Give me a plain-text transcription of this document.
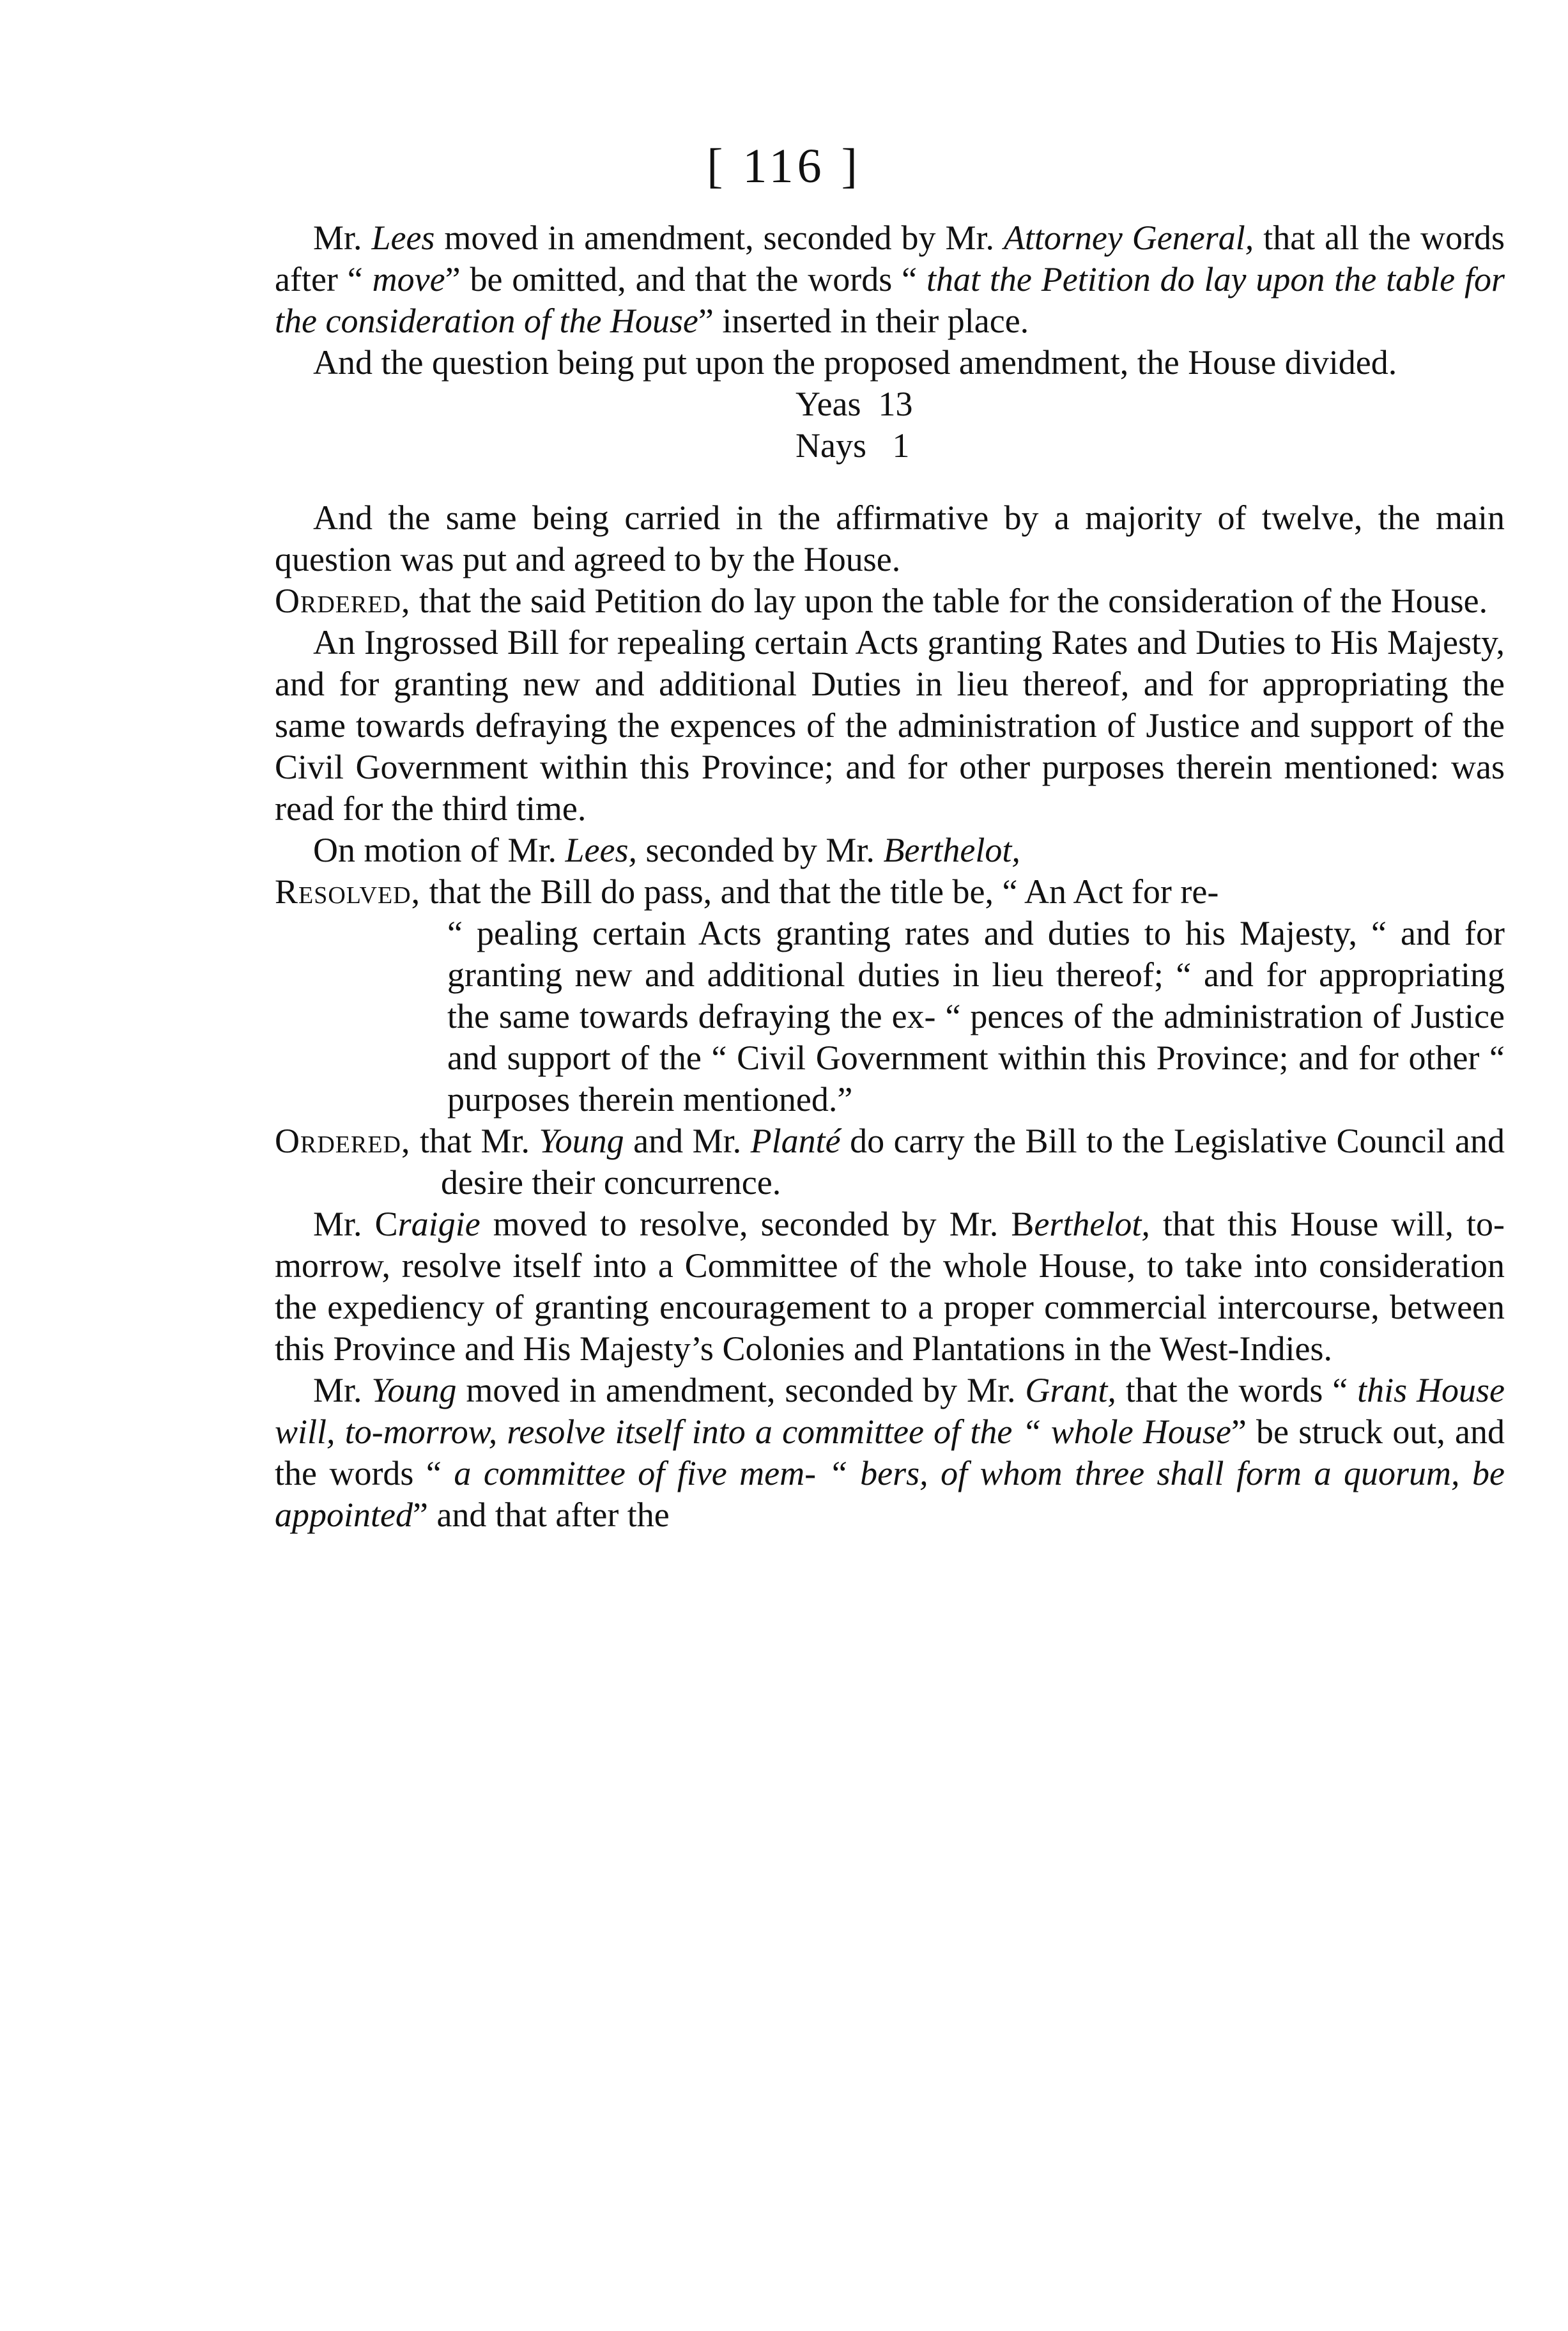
[ 116 ]

Mr. Lees moved in amendment, seconded by Mr. Attorney General, that all the words after “ move” be omitted, and that the words “ that the Petition do lay upon the table for the consideration of the House” inserted in their place.

And the question being put upon the proposed amendment, the House divided.

Yeas  13

Nays   1

And the same being carried in the affirmative by a majority of twelve, the main question was put and agreed to by the House.

Ordered, that the said Petition do lay upon the table for the consideration of the House.

An Ingrossed Bill for repealing certain Acts granting Rates and Duties to His Majesty, and for granting new and additional Duties in lieu thereof, and for appropriating the same towards defraying the expences of the administration of Justice and support of the Civil Government within this Province; and for other purposes therein mentioned: was read for the third time.

On motion of Mr. Lees, seconded by Mr. Berthelot,

Resolved, that the Bill do pass, and that the title be, “ An Act for re-

“ pealing certain Acts granting rates and duties to his Majesty, “ and for granting new and additional duties in lieu thereof; “ and for appropriating the same towards defraying the ex- “ pences of the administration of Justice and support of the “ Civil Government within this Province; and for other “ purposes therein mentioned.”

Ordered, that Mr. Young and Mr. Planté do carry the Bill to the Legislative Council and desire their concurrence.

Mr. Craigie moved to resolve, seconded by Mr. Berthelot, that this House will, to-morrow, resolve itself into a Committee of the whole House, to take into consideration the expediency of granting encouragement to a proper commercial intercourse, between this Province and His Majesty’s Colonies and Plantations in the West-Indies.

Mr. Young moved in amendment, seconded by Mr. Grant, that the words “ this House will, to-morrow, resolve itself into a committee of the “ whole House” be struck out, and the words “ a committee of five mem- “ bers, of whom three shall form a quorum, be appointed” and that after the
